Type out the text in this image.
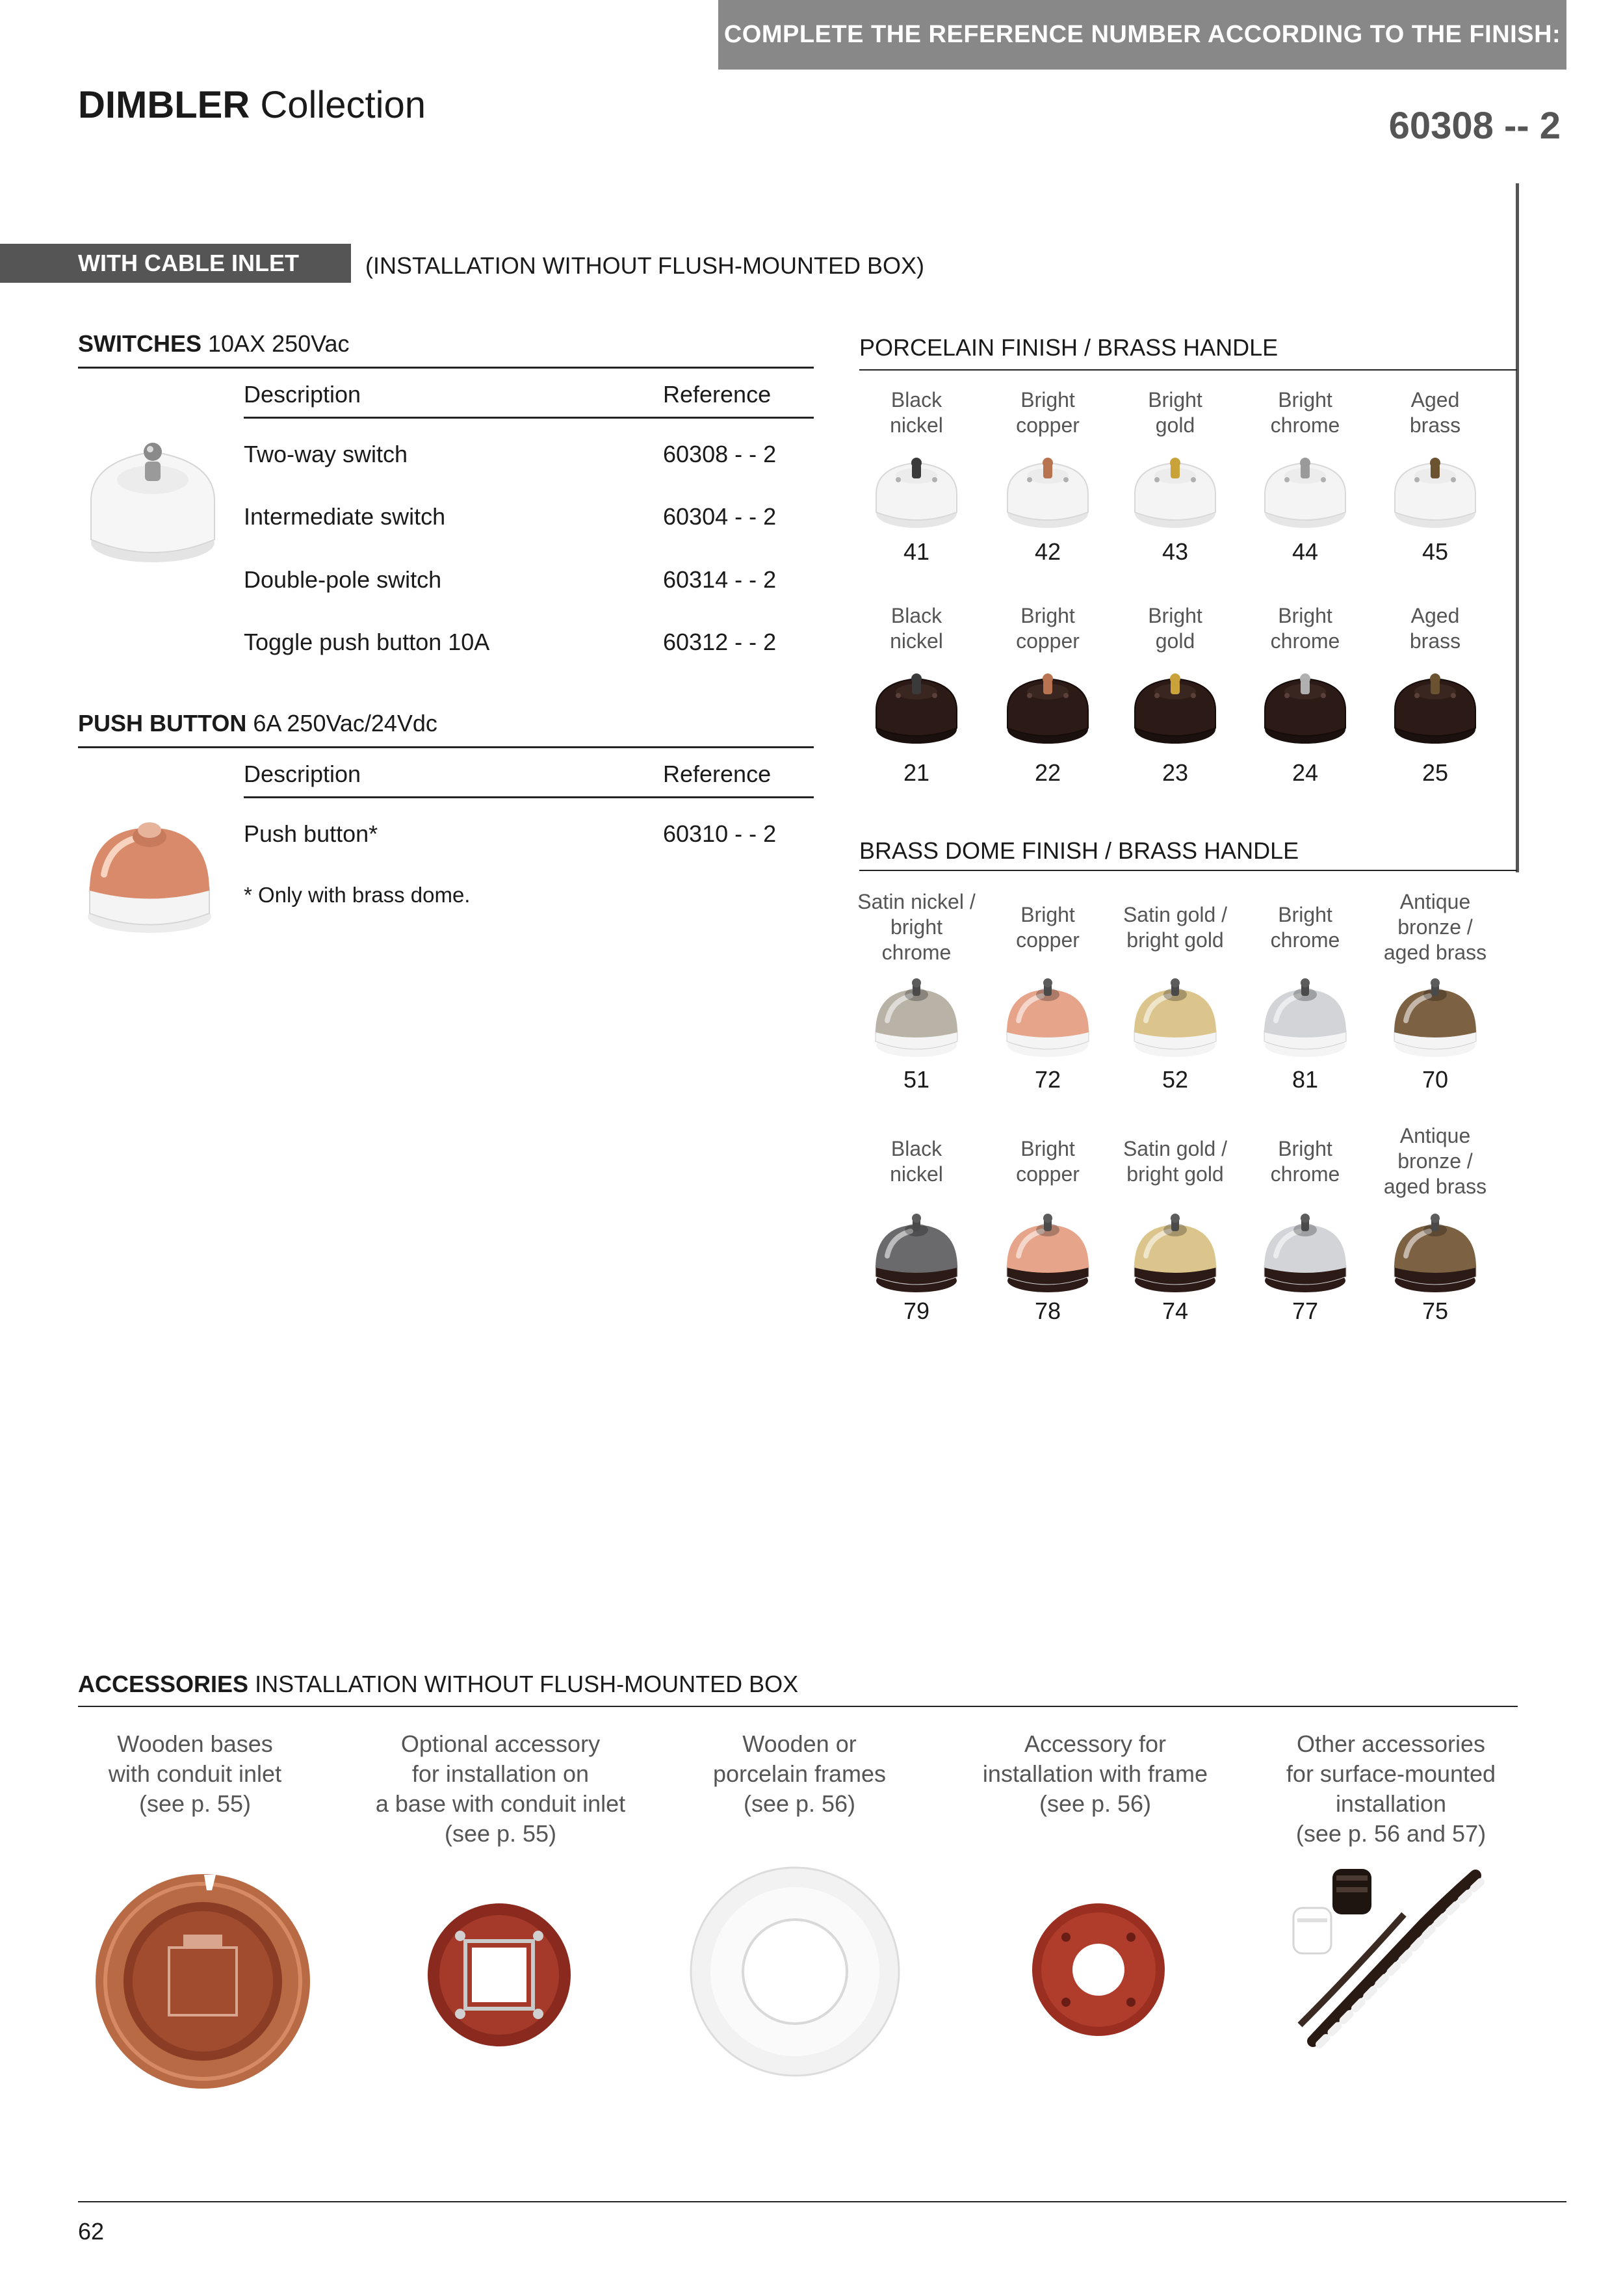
COMPLETE THE REFERENCE NUMBER ACCORDING TO THE FINISH:
DIMBLER Collection	60308 -- 2
WITH CABLE INLET	(INSTALLATION WITHOUT FLUSH-MOUNTED BOX)
SWITCHES 10AX 250Vac
Description	Reference
Two-way switch	60308 - - 2
Intermediate switch	60304 - - 2
Double-pole switch	60314 - - 2
Toggle push button 10A	60312 - - 2
PUSH BUTTON 6A 250Vac/24Vdc
Description	Reference
Push button*	60310 - - 2
* Only with brass dome.
PORCELAIN FINISH / BRASS HANDLE
Black
nickel
41
Bright
copper
42
Bright
gold
43
Bright
chrome
44
Aged
brass
45
Black
nickel
21
Bright
copper
22
Bright
gold
23
Bright
chrome
24
Aged
brass
25
BRASS DOME FINISH / BRASS HANDLE
Satin nickel /
bright
chrome
51
Bright
copper
72
Satin gold /
bright gold
52
Bright
chrome
81
Antique
bronze /
aged brass
70
Black
nickel
79
Bright
copper
78
Satin gold /
bright gold
74
Bright
chrome
77
Antique
bronze /
aged brass
75
ACCESSORIES INSTALLATION WITHOUT FLUSH-MOUNTED BOX
Wooden bases
with conduit inlet
(see p. 55)
Optional accessory
for installation on
a base with conduit inlet
(see p. 55)
Wooden or
porcelain frames
(see p. 56)
Accessory for
installation with frame
(see p. 56)
Other accessories
for surface-mounted
installation
(see p. 56 and 57)
62
